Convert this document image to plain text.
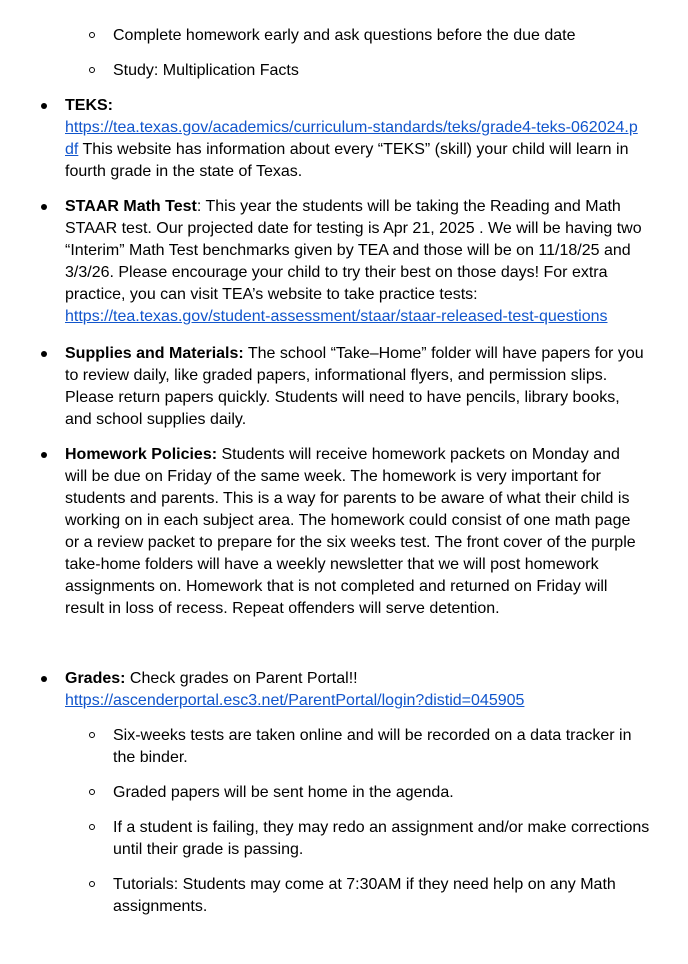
Complete homework early and ask questions before the due date
Study: Multiplication Facts
TEKS:
https://tea.texas.gov/academics/curriculum-standards/teks/grade4-teks-062024.pdf This website has information about every “TEKS” (skill) your child will learn in fourth grade in the state of Texas.
STAAR Math Test: This year the students will be taking the Reading and Math STAAR test. Our projected date for testing is Apr 21, 2025 . We will be having two “Interim” Math Test benchmarks given by TEA and those will be on 11/18/25 and 3/3/26. Please encourage your child to try their best on those days! For extra practice, you can visit TEA’s website to take practice tests:
https://tea.texas.gov/student-assessment/staar/staar-released-test-questions
Supplies and Materials: The school “Take–Home” folder will have papers for you to review daily, like graded papers, informational flyers, and permission slips. Please return papers quickly. Students will need to have pencils, library books, and school supplies daily.
Homework Policies: Students will receive homework packets on Monday and will be due on Friday of the same week. The homework is very important for students and parents. This is a way for parents to be aware of what their child is working on in each subject area. The homework could consist of one math page or a review packet to prepare for the six weeks test. The front cover of the purple take-home folders will have a weekly newsletter that we will post homework assignments on. Homework that is not completed and returned on Friday will result in loss of recess. Repeat offenders will serve detention.
Grades: Check grades on Parent Portal!!
https://ascenderportal.esc3.net/ParentPortal/login?distid=045905
Six-weeks tests are taken online and will be recorded on a data tracker in the binder.
Graded papers will be sent home in the agenda.
If a student is failing, they may redo an assignment and/or make corrections until their grade is passing.
Tutorials: Students may come at 7:30AM if they need help on any Math assignments.
